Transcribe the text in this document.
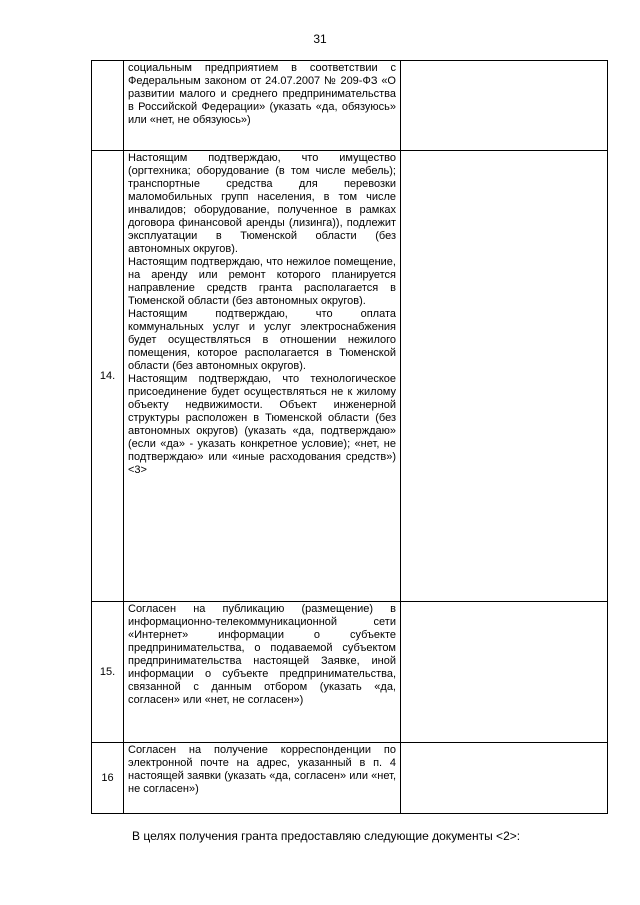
31

	социальным предприятием в соответствии с Федеральным законом от 24.07.2007 № 209-ФЗ «О развитии малого и среднего предпринимательства в Российской Федерации» (указать «да, обязуюсь» или «нет, не обязуюсь»)	

14.	Настоящим подтверждаю, что имущество (оргтехника; оборудование (в том числе мебель); транспортные средства для перевозки маломобильных групп населения, в том числе инвалидов; оборудование, полученное в рамках договора финансовой аренды (лизинга)), подлежит эксплуатации в Тюменской области (без автономных округов).

Настоящим подтверждаю, что нежилое помещение, на аренду или ремонт которого планируется направление средств гранта располагается в Тюменской области (без автономных округов).

Настоящим подтверждаю, что оплата коммунальных услуг и услуг электроснабжения будет осуществляться в отношении нежилого помещения, которое располагается в Тюменской области (без автономных округов).

Настоящим подтверждаю, что технологическое присоединение будет осуществляться не к жилому объекту недвижимости. Объект инженерной структуры расположен в Тюменской области (без автономных округов) (указать «да, подтверждаю» (если «да» - указать конкретное условие); «нет, не подтверждаю» или «иные расходования средств») <3>	

15.	Согласен на публикацию (размещение) в информационно-телекоммуникационной сети «Интернет» информации о субъекте предпринимательства, о подаваемой субъектом предпринимательства настоящей Заявке, иной информации о субъекте предпринимательства, связанной с данным отбором (указать «да, согласен» или «нет, не согласен»)	

16	Согласен на получение корреспонденции по электронной почте на адрес, указанный в п. 4 настоящей заявки (указать «да, согласен» или «нет, не согласен»)	

В целях получения гранта предоставляю следующие документы <2>:
